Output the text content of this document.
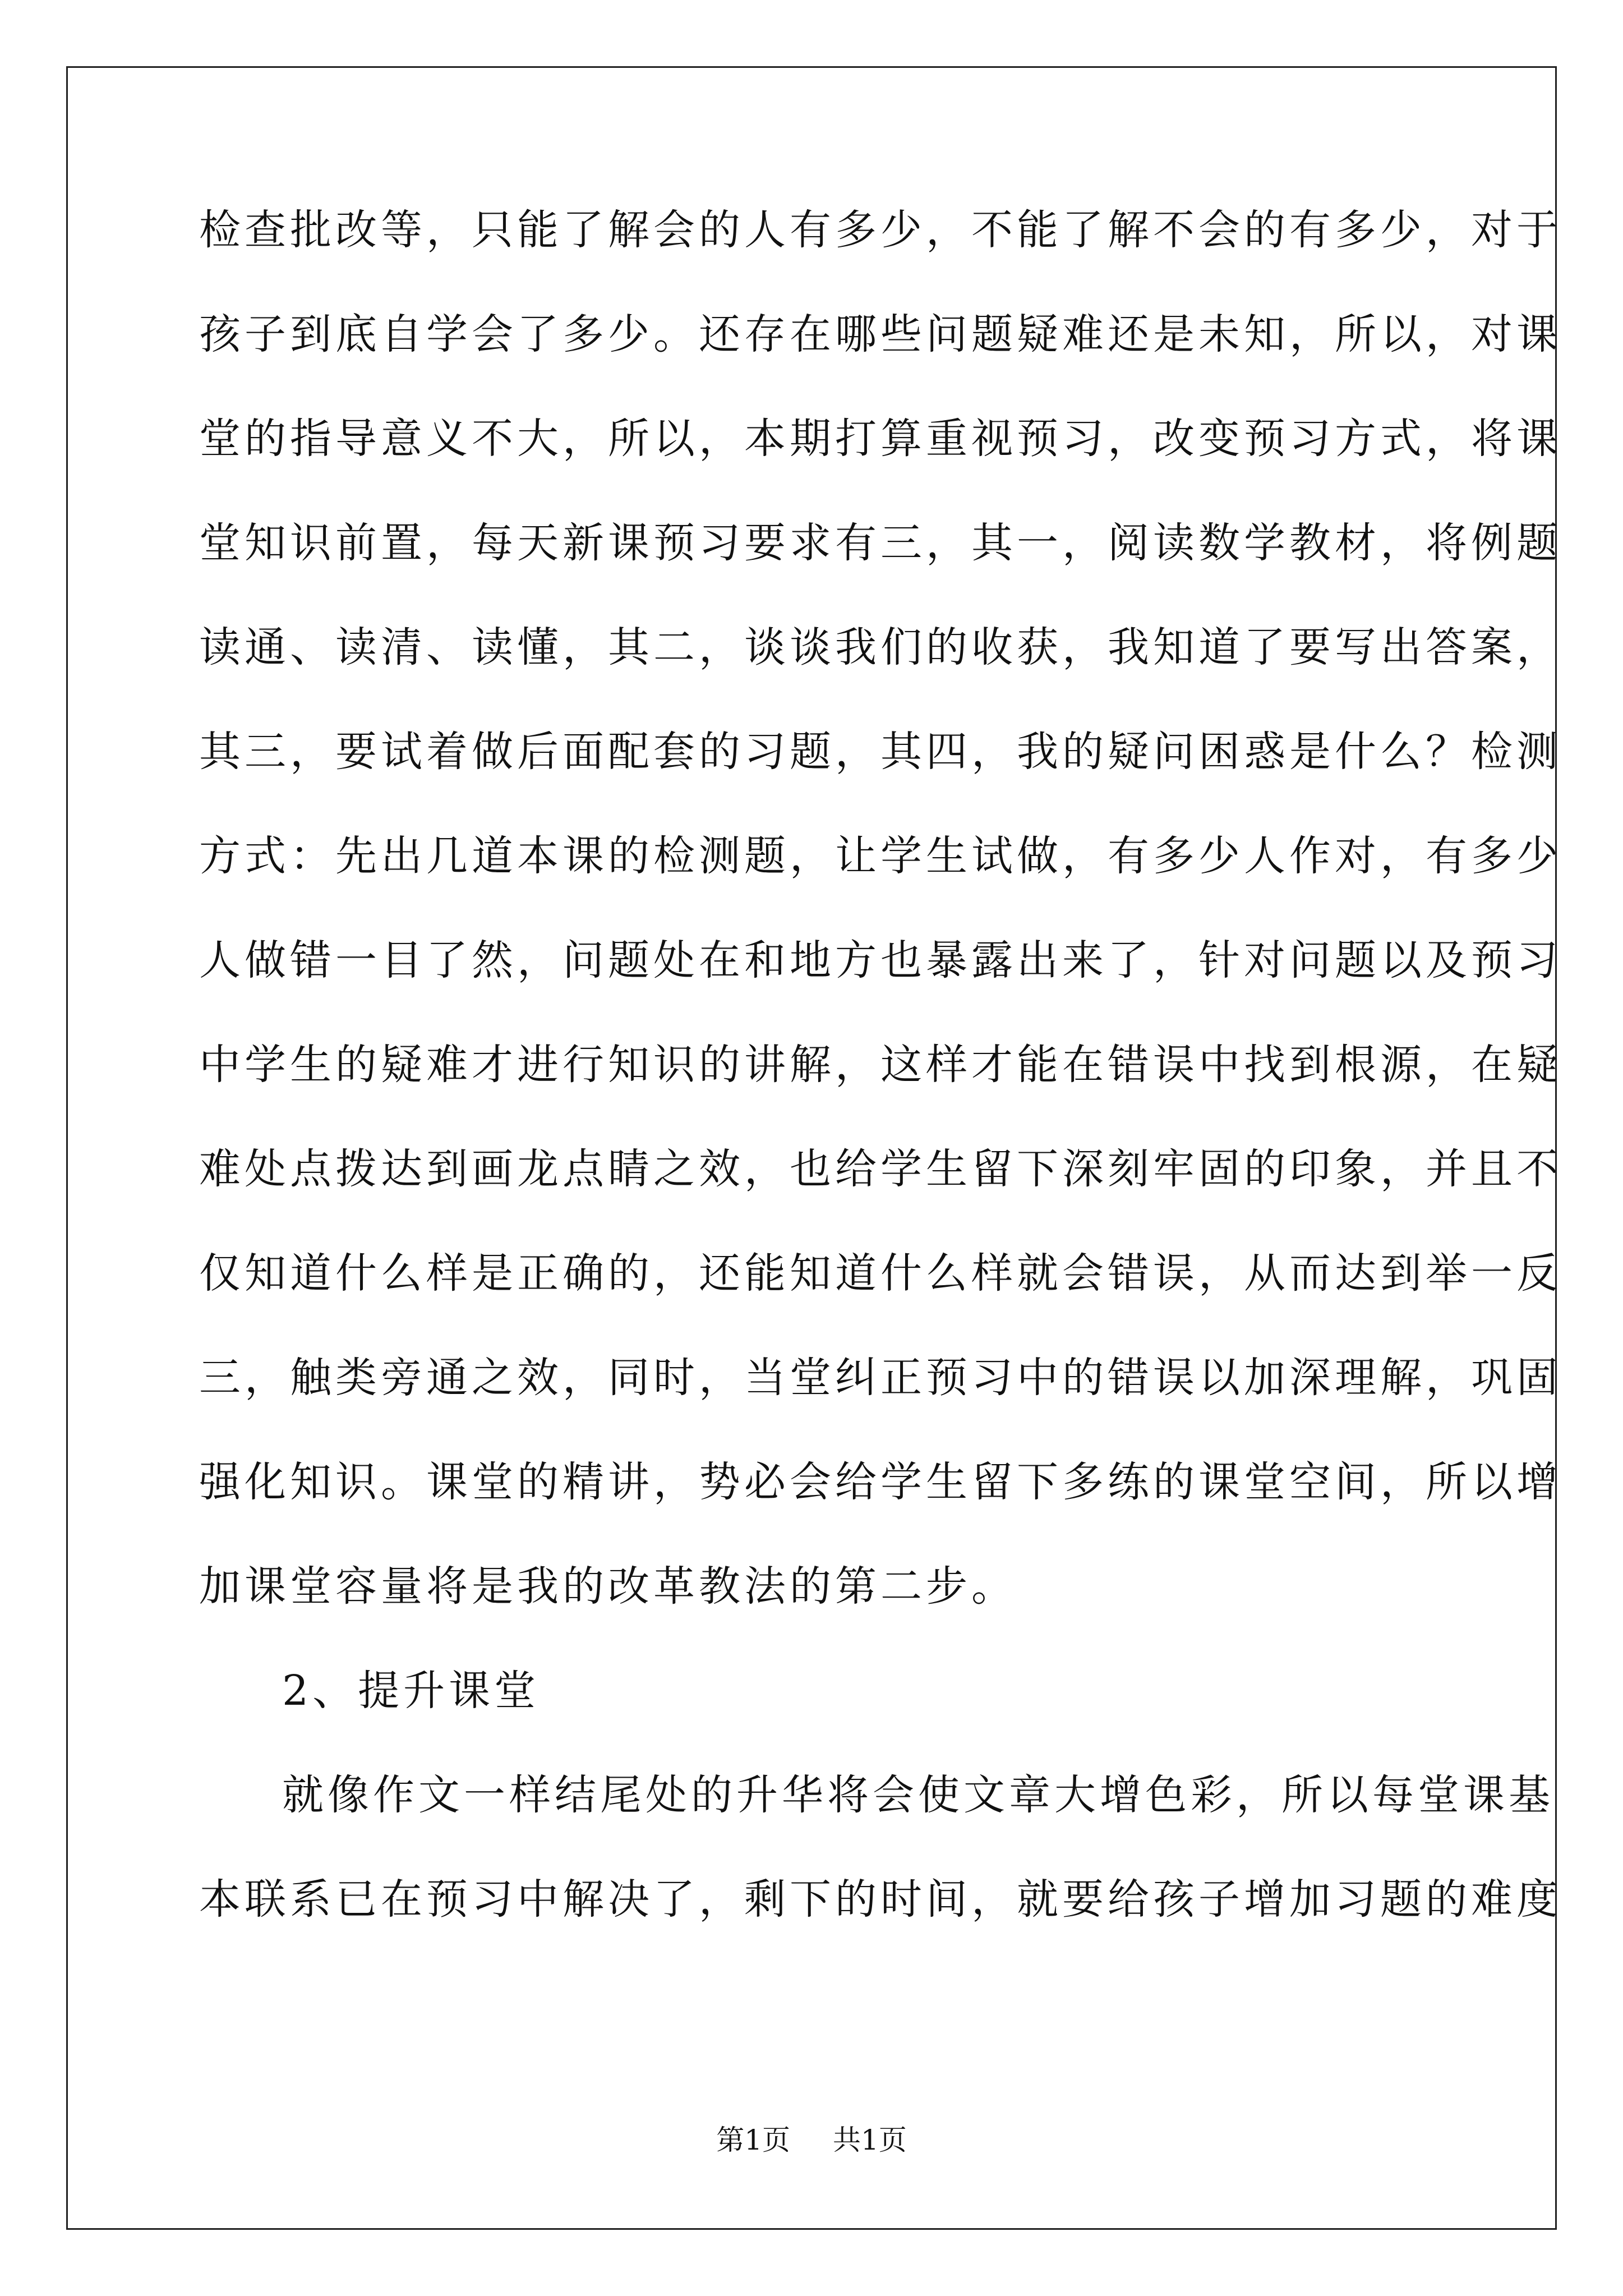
检查批改等，只能了解会的人有多少，不能了解不会的有多少，对于
孩子到底自学会了多少。还存在哪些问题疑难还是未知，所以，对课
堂的指导意义不大，所以，本期打算重视预习，改变预习方式，将课
堂知识前置，每天新课预习要求有三，其一，阅读数学教材，将例题
读通、读清、读懂，其二，谈谈我们的收获，我知道了要写出答案，
其三，要试着做后面配套的习题，其四，我的疑问困惑是什么？检测
方式：先出几道本课的检测题，让学生试做，有多少人作对，有多少
人做错一目了然，问题处在和地方也暴露出来了，针对问题以及预习
中学生的疑难才进行知识的讲解，这样才能在错误中找到根源，在疑
难处点拨达到画龙点睛之效，也给学生留下深刻牢固的印象，并且不
仅知道什么样是正确的，还能知道什么样就会错误，从而达到举一反
三，触类旁通之效，同时，当堂纠正预习中的错误以加深理解，巩固
强化知识。课堂的精讲，势必会给学生留下多练的课堂空间，所以增
加课堂容量将是我的改革教法的第二步。
2、提升课堂
就像作文一样结尾处的升华将会使文章大增色彩，所以每堂课基
本联系已在预习中解决了，剩下的时间，就要给孩子增加习题的难度
第1页 共1页
